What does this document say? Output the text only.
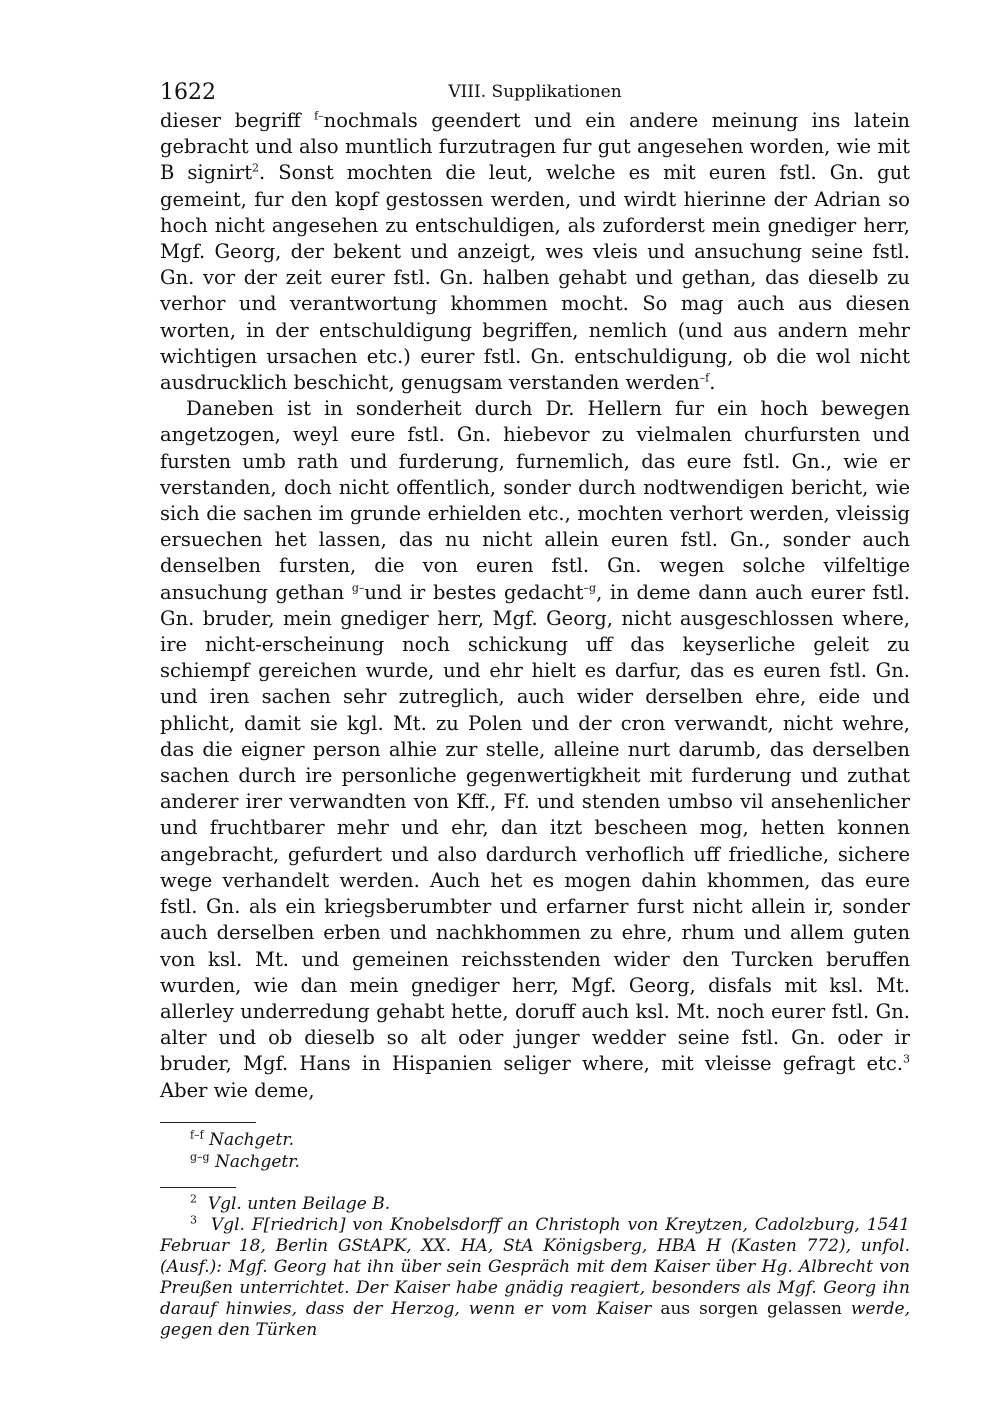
1622	VIII. Supplikationen

dieser begriff $^{f-}$nochmals geendert und ein andere meinung ins latein gebracht und also muntlich furzutragen fur gut angesehen worden, wie mit B signirt$^2$. Sonst mochten die leut, welche es mit euren fstl. Gn. gut gemeint, fur den kopf gestossen werden, und wirdt hierinne der Adrian so hoch nicht angesehen zu entschuldigen, als zuforderst mein gnediger herr, Mgf. Georg, der bekent und anzeigt, wes vleis und ansuchung seine fstl. Gn. vor der zeit eurer fstl. Gn. halben gehabt und gethan, das dieselb zu verhor und verantwortung khommen mocht. So mag auch aus diesen worten, in der entschuldigung begriffen, nemlich (und aus andern mehr wichtigen ursachen etc.) eurer fstl. Gn. entschuldigung, ob die wol nicht ausdrucklich beschicht, genugsam verstanden werden$^{-f}$.

Daneben ist in sonderheit durch Dr. Hellern fur ein hoch bewegen angetzogen, weyl eure fstl. Gn. hiebevor zu vielmalen churfursten und fursten umb rath und furderung, furnemlich, das eure fstl. Gn., wie er verstanden, doch nicht offentlich, sonder durch nodtwendigen bericht, wie sich die sachen im grunde erhielden etc., mochten verhort werden, vleissig ersuechen het lassen, das nu nicht allein euren fstl. Gn., sonder auch denselben fursten, die von euren fstl. Gn. wegen solche vilfeltige ansuchung gethan $^{g-}$und ir bestes gedacht$^{-g}$, in deme dann auch eurer fstl. Gn. bruder, mein gnediger herr, Mgf. Georg, nicht ausgeschlossen where, ire nicht-erscheinung noch schickung uff das keyserliche geleit zu schiempf gereichen wurde, und ehr hielt es darfur, das es euren fstl. Gn. und iren sachen sehr zutreglich, auch wider derselben ehre, eide und phlicht, damit sie kgl. Mt. zu Polen und der cron verwandt, nicht wehre, das die eigner person alhie zur stelle, alleine nurt darumb, das derselben sachen durch ire personliche gegenwertigkheit mit furderung und zuthat anderer irer verwandten von Kff., Ff. und stenden umbso vil ansehenlicher und fruchtbarer mehr und ehr, dan itzt bescheen mog, hetten konnen angebracht, gefurdert und also dardurch verhoflich uff friedliche, sichere wege verhandelt werden. Auch het es mogen dahin khommen, das eure fstl. Gn. als ein kriegsberumbter und erfarner furst nicht allein ir, sonder auch derselben erben und nachkhommen zu ehre, rhum und allem guten von ksl. Mt. und gemeinen reichsstenden wider den Turcken beruffen wurden, wie dan mein gnediger herr, Mgf. Georg, disfals mit ksl. Mt. allerley underredung gehabt hette, doruff auch ksl. Mt. noch eurer fstl. Gn. alter und ob dieselb so alt oder junger wedder seine fstl. Gn. oder ir bruder, Mgf. Hans in Hispanien seliger where, mit vleisse gefragt etc.$^3$ Aber wie deme,

$^{f-f}$ Nachgetr.
$^{g-g}$ Nachgetr.

$^2$ Vgl. unten Beilage B.

$^3$ Vgl. F[riedrich] von Knobelsdorff an Christoph von Kreytzen, Cadolzburg, 1541 Februar 18, Berlin GStAPK, XX. HA, StA Königsberg, HBA H (Kasten 772), unfol. (Ausf.): Mgf. Georg hat ihn über sein Gespräch mit dem Kaiser über Hg. Albrecht von Preußen unterrichtet. Der Kaiser habe gnädig reagiert, besonders als Mgf. Georg ihn darauf hinwies, dass der Herzog, wenn er vom Kaiser aus sorgen gelassen werde, gegen den Türken
